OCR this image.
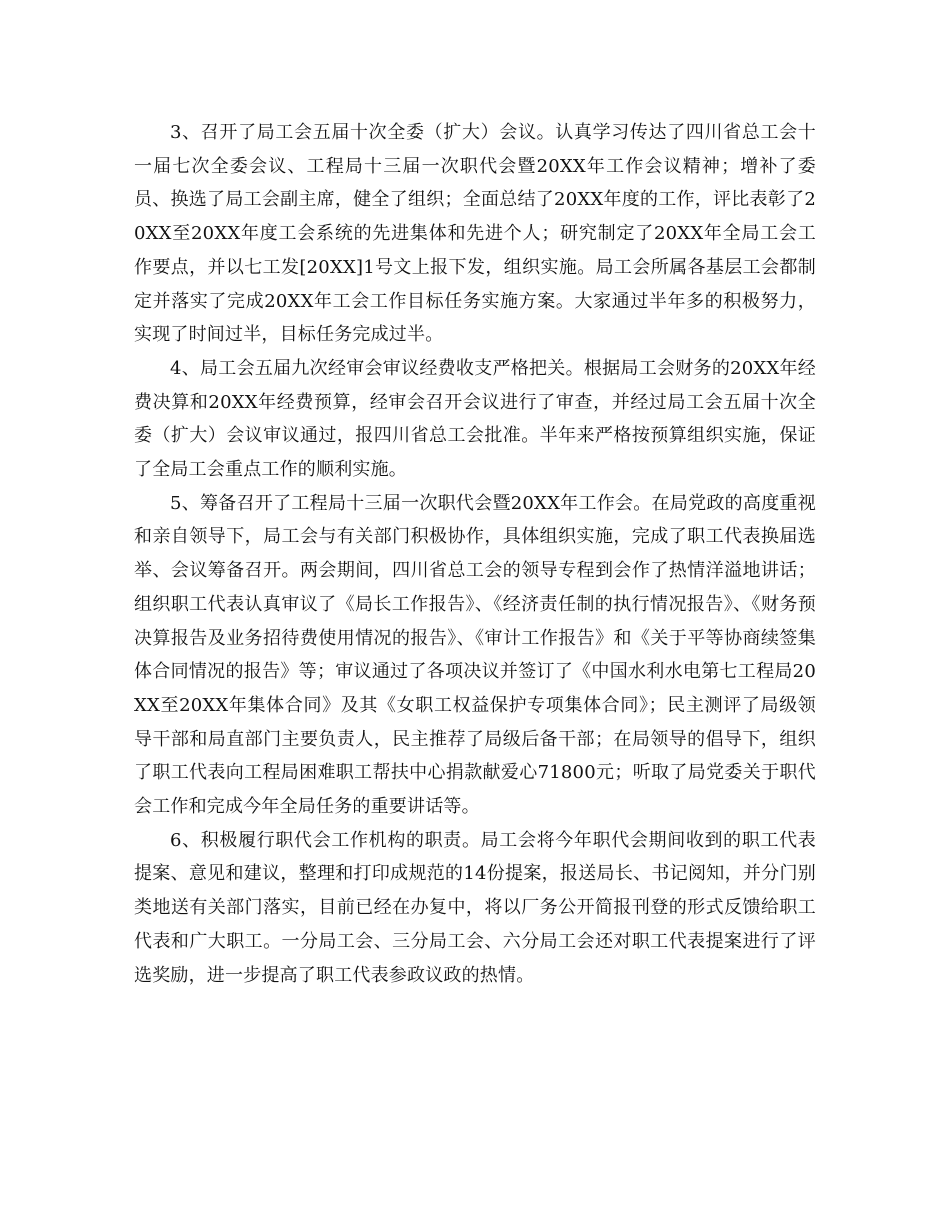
3、召开了局工会五届十次全委（扩大）会议。认真学习传达了四川省总工会十一届七次全委会议、工程局十三届一次职代会暨20XX年工作会议精神；增补了委员、换选了局工会副主席，健全了组织；全面总结了20XX年度的工作，评比表彰了20XX至20XX年度工会系统的先进集体和先进个人；研究制定了20XX年全局工会工作要点，并以七工发[20XX]1号文上报下发，组织实施。局工会所属各基层工会都制定并落实了完成20XX年工会工作目标任务实施方案。大家通过半年多的积极努力，实现了时间过半，目标任务完成过半。

4、局工会五届九次经审会审议经费收支严格把关。根据局工会财务的20XX年经费决算和20XX年经费预算，经审会召开会议进行了审查，并经过局工会五届十次全委（扩大）会议审议通过，报四川省总工会批准。半年来严格按预算组织实施，保证了全局工会重点工作的顺利实施。

5、筹备召开了工程局十三届一次职代会暨20XX年工作会。在局党政的高度重视和亲自领导下，局工会与有关部门积极协作，具体组织实施，完成了职工代表换届选举、会议筹备召开。两会期间，四川省总工会的领导专程到会作了热情洋溢地讲话；组织职工代表认真审议了《局长工作报告》、《经济责任制的执行情况报告》、《财务预决算报告及业务招待费使用情况的报告》、《审计工作报告》和《关于平等协商续签集体合同情况的报告》等；审议通过了各项决议并签订了《中国水利水电第七工程局20XX至20XX年集体合同》及其《女职工权益保护专项集体合同》；民主测评了局级领导干部和局直部门主要负责人，民主推荐了局级后备干部；在局领导的倡导下，组织了职工代表向工程局困难职工帮扶中心捐款献爱心71800元；听取了局党委关于职代会工作和完成今年全局任务的重要讲话等。

6、积极履行职代会工作机构的职责。局工会将今年职代会期间收到的职工代表提案、意见和建议，整理和打印成规范的14份提案，报送局长、书记阅知，并分门别类地送有关部门落实，目前已经在办复中，将以厂务公开简报刊登的形式反馈给职工代表和广大职工。一分局工会、三分局工会、六分局工会还对职工代表提案进行了评选奖励，进一步提高了职工代表参政议政的热情。
